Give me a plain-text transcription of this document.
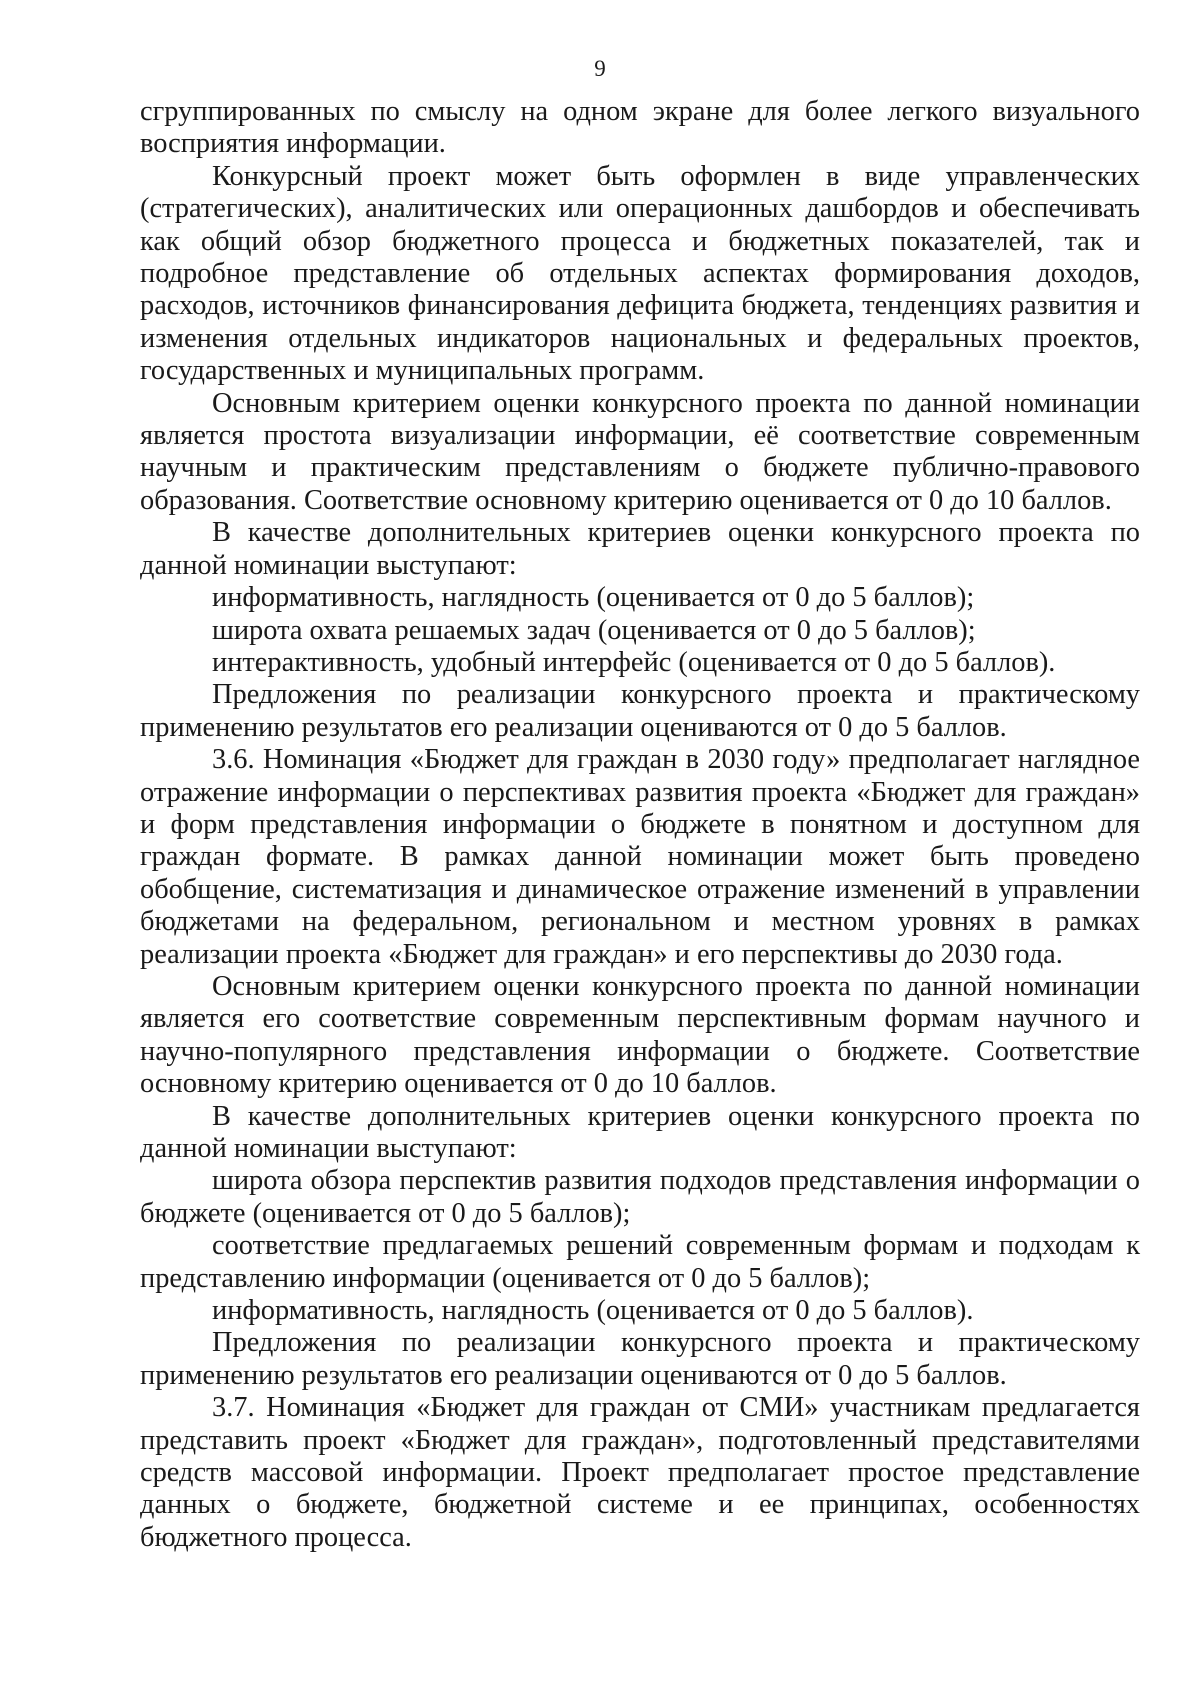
9

сгруппированных по смыслу на одном экране для более легкого визуального восприятия информации.

Конкурсный проект может быть оформлен в виде управленческих (стратегических), аналитических или операционных дашбордов и обеспечивать как общий обзор бюджетного процесса и бюджетных показателей, так и подробное представление об отдельных аспектах формирования доходов, расходов, источников финансирования дефицита бюджета, тенденциях развития и изменения отдельных индикаторов национальных и федеральных проектов, государственных и муниципальных программ.

Основным критерием оценки конкурсного проекта по данной номинации является простота визуализации информации, её соответствие современным научным и практическим представлениям о бюджете публично-правового образования. Соответствие основному критерию оценивается от 0 до 10 баллов.

В качестве дополнительных критериев оценки конкурсного проекта по данной номинации выступают:

информативность, наглядность (оценивается от 0 до 5 баллов);

широта охвата решаемых задач (оценивается от 0 до 5 баллов);

интерактивность, удобный интерфейс (оценивается от 0 до 5 баллов).

Предложения по реализации конкурсного проекта и практическому применению результатов его реализации оцениваются от 0 до 5 баллов.

3.6. Номинация «Бюджет для граждан в 2030 году» предполагает наглядное отражение информации о перспективах развития проекта «Бюджет для граждан» и форм представления информации о бюджете в понятном и доступном для граждан формате. В рамках данной номинации может быть проведено обобщение, систематизация и динамическое отражение изменений в управлении бюджетами на федеральном, региональном и местном уровнях в рамках реализации проекта «Бюджет для граждан» и его перспективы до 2030 года.

Основным критерием оценки конкурсного проекта по данной номинации является его соответствие современным перспективным формам научного и научно-популярного представления информации о бюджете. Соответствие основному критерию оценивается от 0 до 10 баллов.

В качестве дополнительных критериев оценки конкурсного проекта по данной номинации выступают:

широта обзора перспектив развития подходов представления информации о бюджете (оценивается от 0 до 5 баллов);

соответствие предлагаемых решений современным формам и подходам к представлению информации (оценивается от 0 до 5 баллов);

информативность, наглядность (оценивается от 0 до 5 баллов).

Предложения по реализации конкурсного проекта и практическому применению результатов его реализации оцениваются от 0 до 5 баллов.

3.7. Номинация «Бюджет для граждан от СМИ» участникам предлагается представить проект «Бюджет для граждан», подготовленный представителями средств массовой информации. Проект предполагает простое представление данных о бюджете, бюджетной системе и ее принципах, особенностях бюджетного процесса.
